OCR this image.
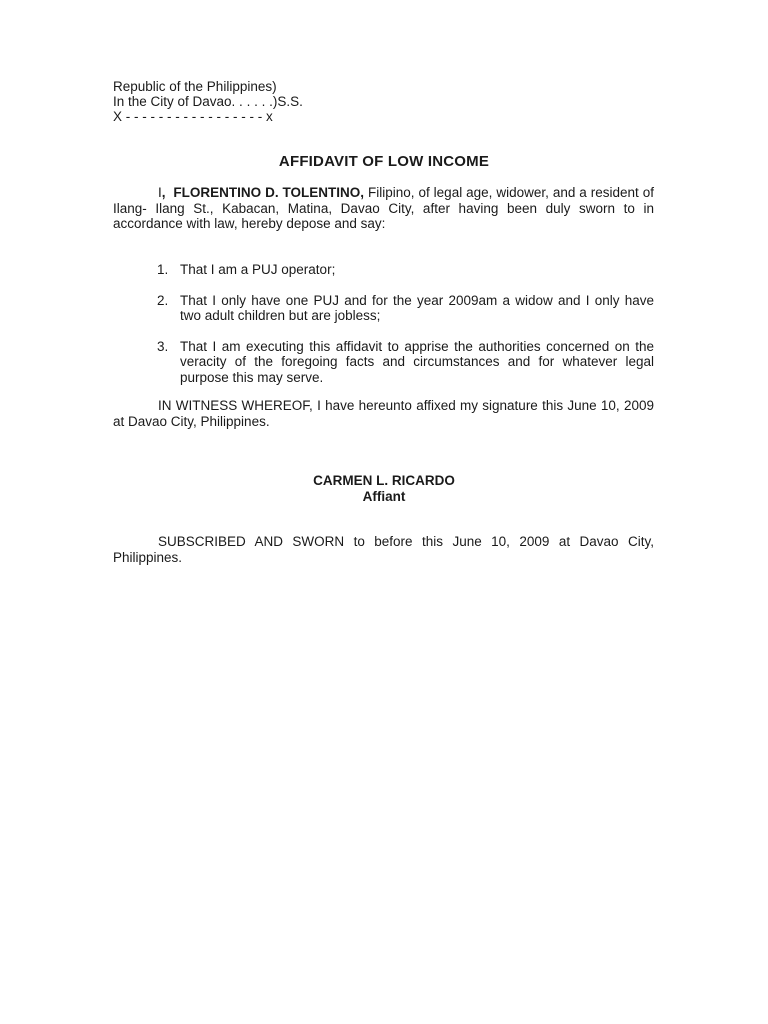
Republic of the Philippines)
In the City of Davao. . . . . .)S.S.
X - - - - - - - - - - - - - - - - - x
AFFIDAVIT OF LOW INCOME
I, FLORENTINO D. TOLENTINO, Filipino, of legal age, widower, and a resident of Ilang- Ilang St., Kabacan, Matina, Davao City, after having been duly sworn to in accordance with law, hereby depose and say:
1. That I am a PUJ operator;
2. That I only have one PUJ and for the year 2009am a widow and I only have two adult children but are jobless;
3. That I am executing this affidavit to apprise the authorities concerned on the veracity of the foregoing facts and circumstances and for whatever legal purpose this may serve.
IN WITNESS WHEREOF, I have hereunto affixed my signature this June 10, 2009 at Davao City, Philippines.
CARMEN L. RICARDO
Affiant
SUBSCRIBED AND SWORN to before this June 10, 2009 at Davao City, Philippines.
